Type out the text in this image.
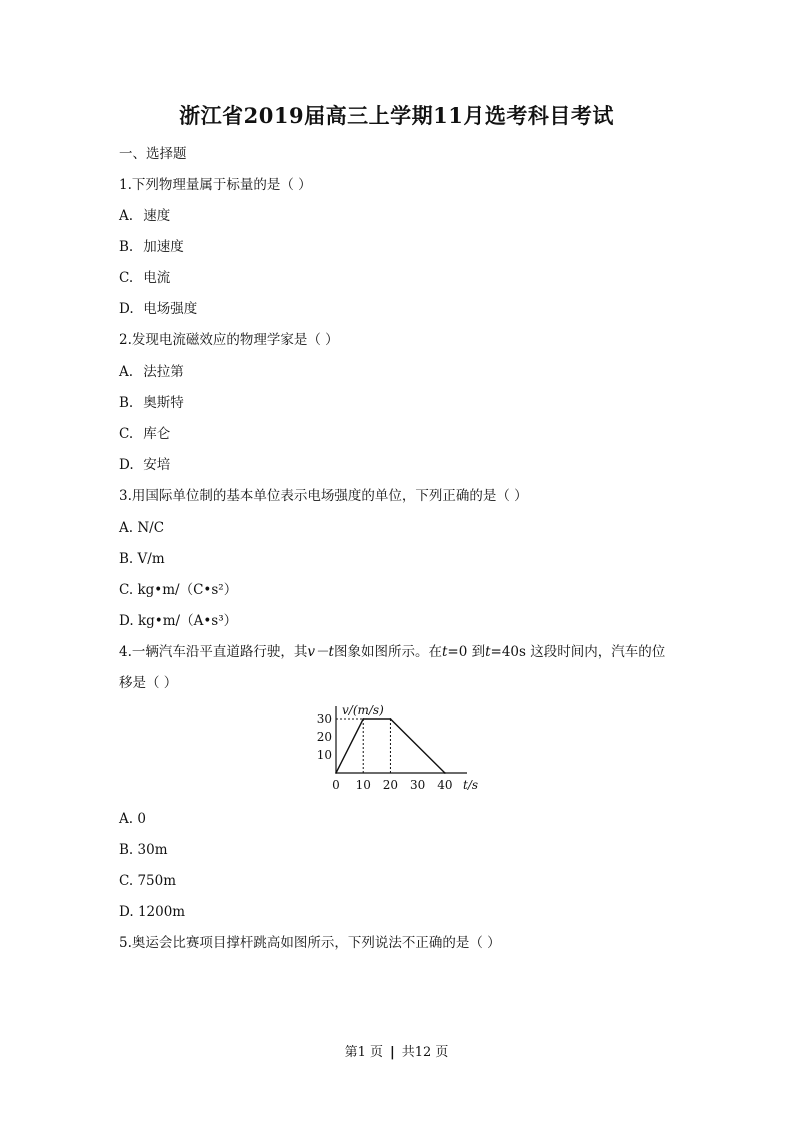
浙江省2019届高三上学期11月选考科目考试
一、选择题
1.下列物理量属于标量的是（ ）
A. 速度
B. 加速度
C. 电流
D. 电场强度
2.发现电流磁效应的物理学家是（ ）
A. 法拉第
B. 奥斯特
C. 库仑
D. 安培
3.用国际单位制的基本单位表示电场强度的单位，下列正确的是（ ）
A. N/C
B. V/m
C. kg•m/（C•s²）
D. kg•m/（A•s³）
4.一辆汽车沿平直道路行驶，其v－t图象如图所示。在t=0 到t=40s 这段时间内，汽车的位
移是（ ）
10
20
30
0 10 20 30 40 t/s
v/(m/s)
A. 0
B. 30m
C. 750m
D. 1200m
5.奥运会比赛项目撑杆跳高如图所示，下列说法不正确的是（ ）
第1 页 | 共12 页
